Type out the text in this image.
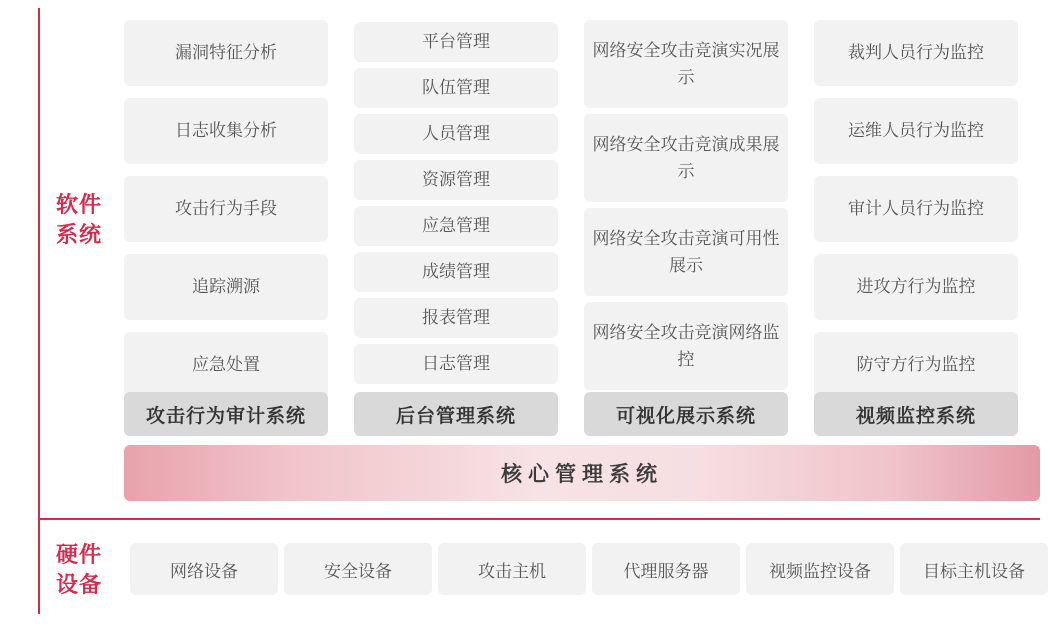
软件
系统
硬件
设备
漏洞特征分析
日志收集分析
攻击行为手段
追踪溯源
应急处置
攻击行为审计系统
平台管理
队伍管理
人员管理
资源管理
应急管理
成绩管理
报表管理
日志管理
后台管理系统
网络安全攻击竞演实况展示
网络安全攻击竞演成果展示
网络安全攻击竞演可用性展示
网络安全攻击竞演网络监控
可视化展示系统
裁判人员行为监控
运维人员行为监控
审计人员行为监控
进攻方行为监控
防守方行为监控
视频监控系统
核心管理系统
网络设备	安全设备	攻击主机	代理服务器	视频监控设备	目标主机设备
